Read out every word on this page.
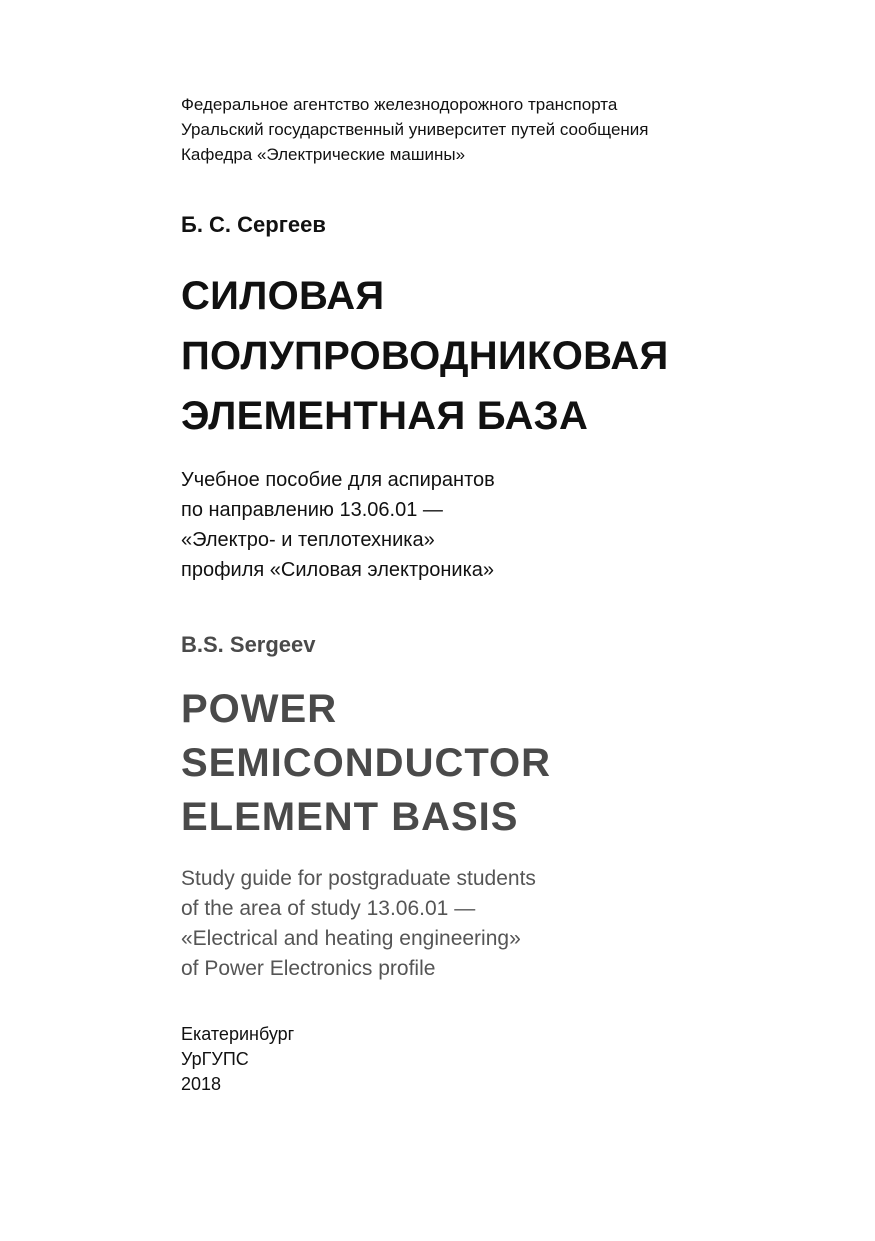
Федеральное агентство железнодорожного транспорта
Уральский государственный университет путей сообщения
Кафедра «Электрические машины»
Б. С. Сергеев
СИЛОВАЯ
ПОЛУПРОВОДНИКОВАЯ
ЭЛЕМЕНТНАЯ БАЗА
Учебное пособие для аспирантов
по направлению 13.06.01 —
«Электро- и теплотехника»
профиля «Силовая электроника»
B.S. Sergeev
POWER
SEMICONDUCTOR
ELEMENT BASIS
Study guide for postgraduate students
of the area of study 13.06.01 —
«Electrical and heating engineering»
of Power Electronics profile
Екатеринбург
УрГУПС
2018
